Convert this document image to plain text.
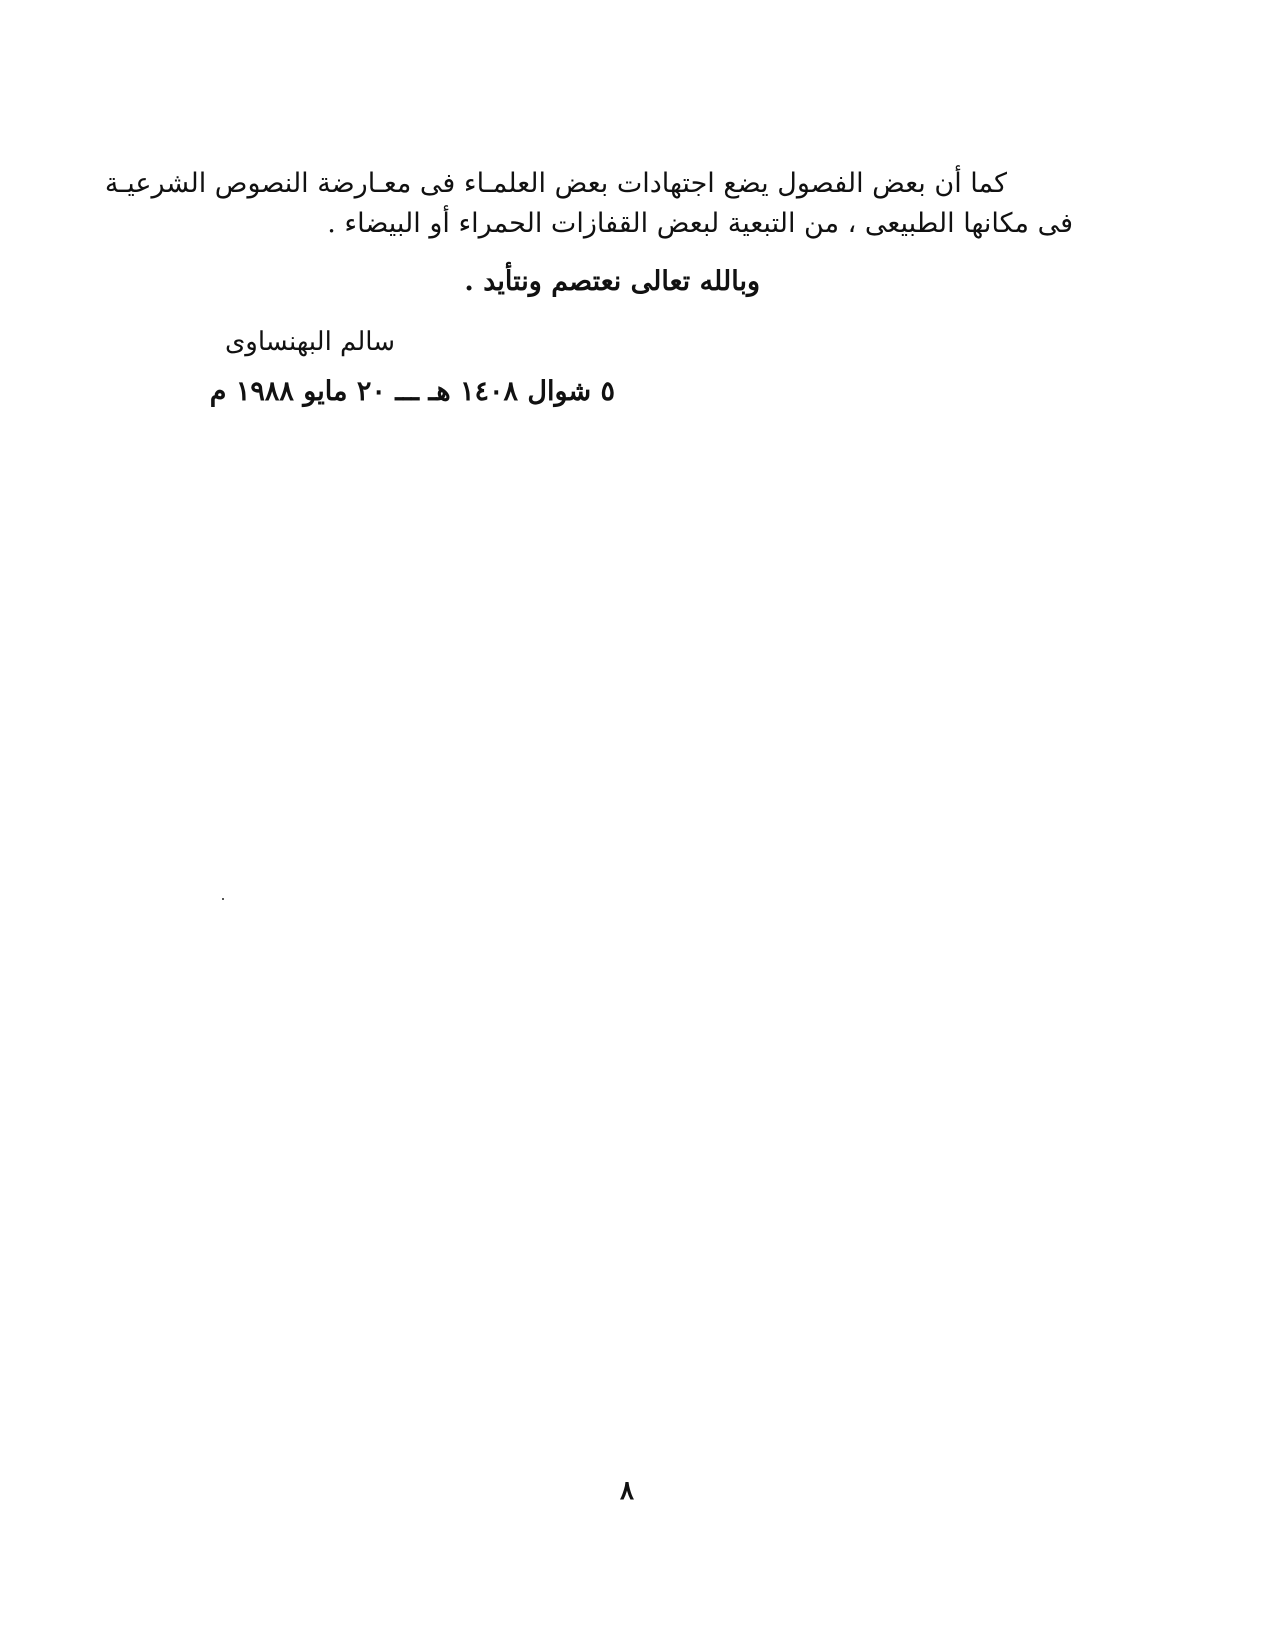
كما أن بعض الفصول يضع اجتهادات بعض العلمـاء فى معـارضة النصوص الشرعيـة
فى مكانها الطبيعى ، من التبعية لبعض القفازات الحمراء أو البيضاء .
وبالله تعالى نعتصم ونتأيد .
سالم البهنساوى
٥ شوال ١٤٠٨ هـ ـــ ٢٠ مايو ١٩٨٨ م
٨
